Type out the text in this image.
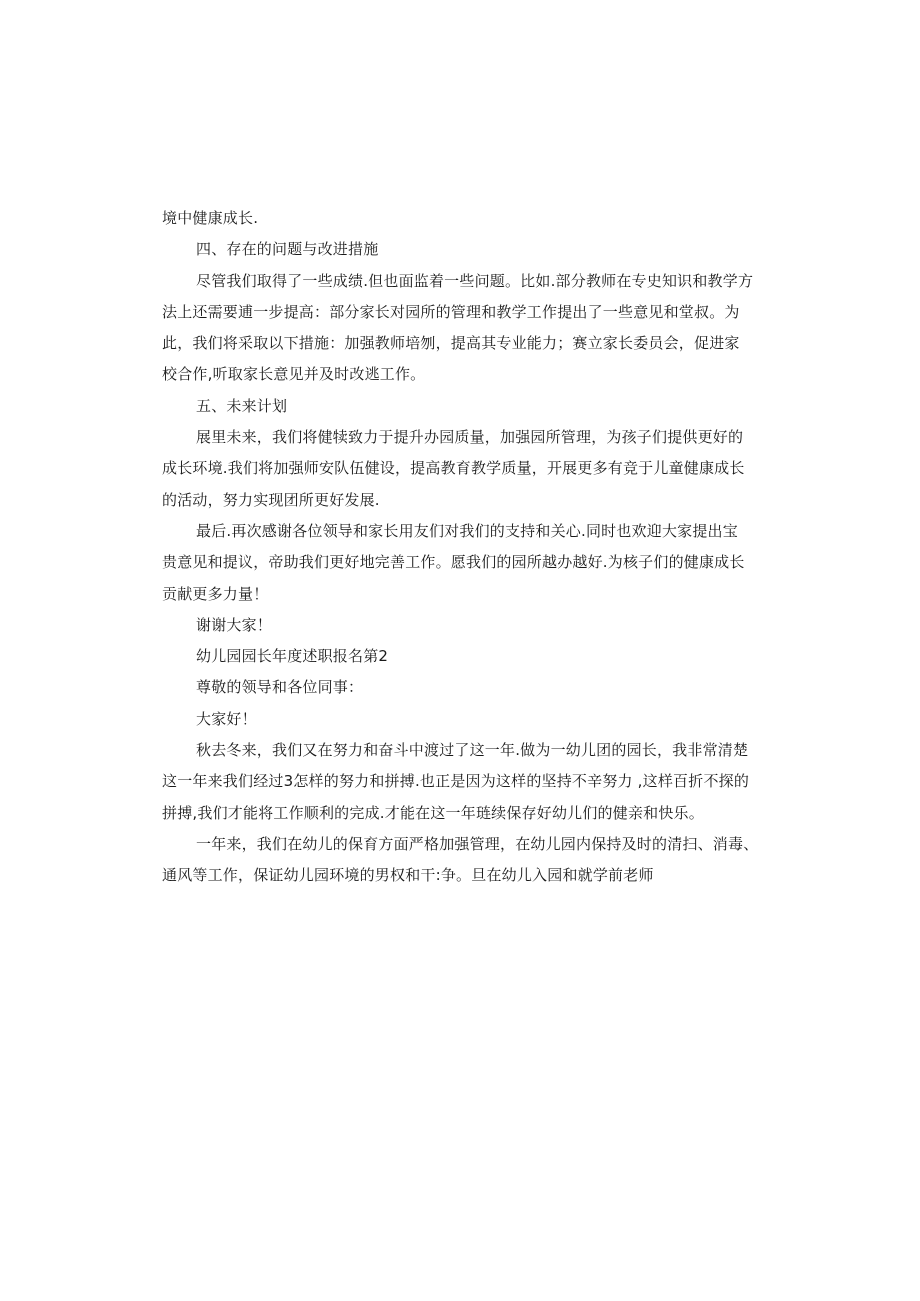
境中健康成长.
四、存在的问题与改进措施
尽管我们取得了一些成绩.但也面监着一些问题。比如.部分教师在专史知识和教学方
法上还需要逋一步提高：部分家长对园所的管理和教学工作提出了一些意见和堂叔。为
此，我们将采取以下措施：加强教师培刎，提高其专业能力；赛立家长委员会，促进家
校合作,听取家长意见并及时改逃工作。
五、未来计划
展里未来，我们将健犊致力于提升办园质量，加强园所管理，为孩子们提供更好的
成长环境.我们将加强师安队伍健设，提高教育教学质量，开展更多有竞于儿童健康成长
的活动，努力实现团所更好发展.
最后.再次感谢各位领导和家长用友们对我们的支持和关心.同时也欢迎大家提出宝
贵意见和提议，帝助我们更好地完善工作。愿我们的园所越办越好.为核子们的健康成长
贡献更多力量！
谢谢大家！
幼儿园园长年度述职报名第2
尊敬的领导和各位同事：
大家好！
秋去冬来，我们又在努力和奋斗中渡过了这一年.做为一幼儿团的园长，我非常清楚
这一年来我们经过3怎样的努力和拼搏.也正是因为这样的坚持不辛努力 ,这样百折不探的
拼搏,我们才能将工作顺利的完成.才能在这一年琏续保存好幼儿们的健亲和快乐。
一年来，我们在幼儿的保育方面严格加强管理，在幼儿园内保持及时的清扫、消毒、
通风等工作，保证幼儿园环境的男权和干:争。旦在幼儿入园和就学前老师
